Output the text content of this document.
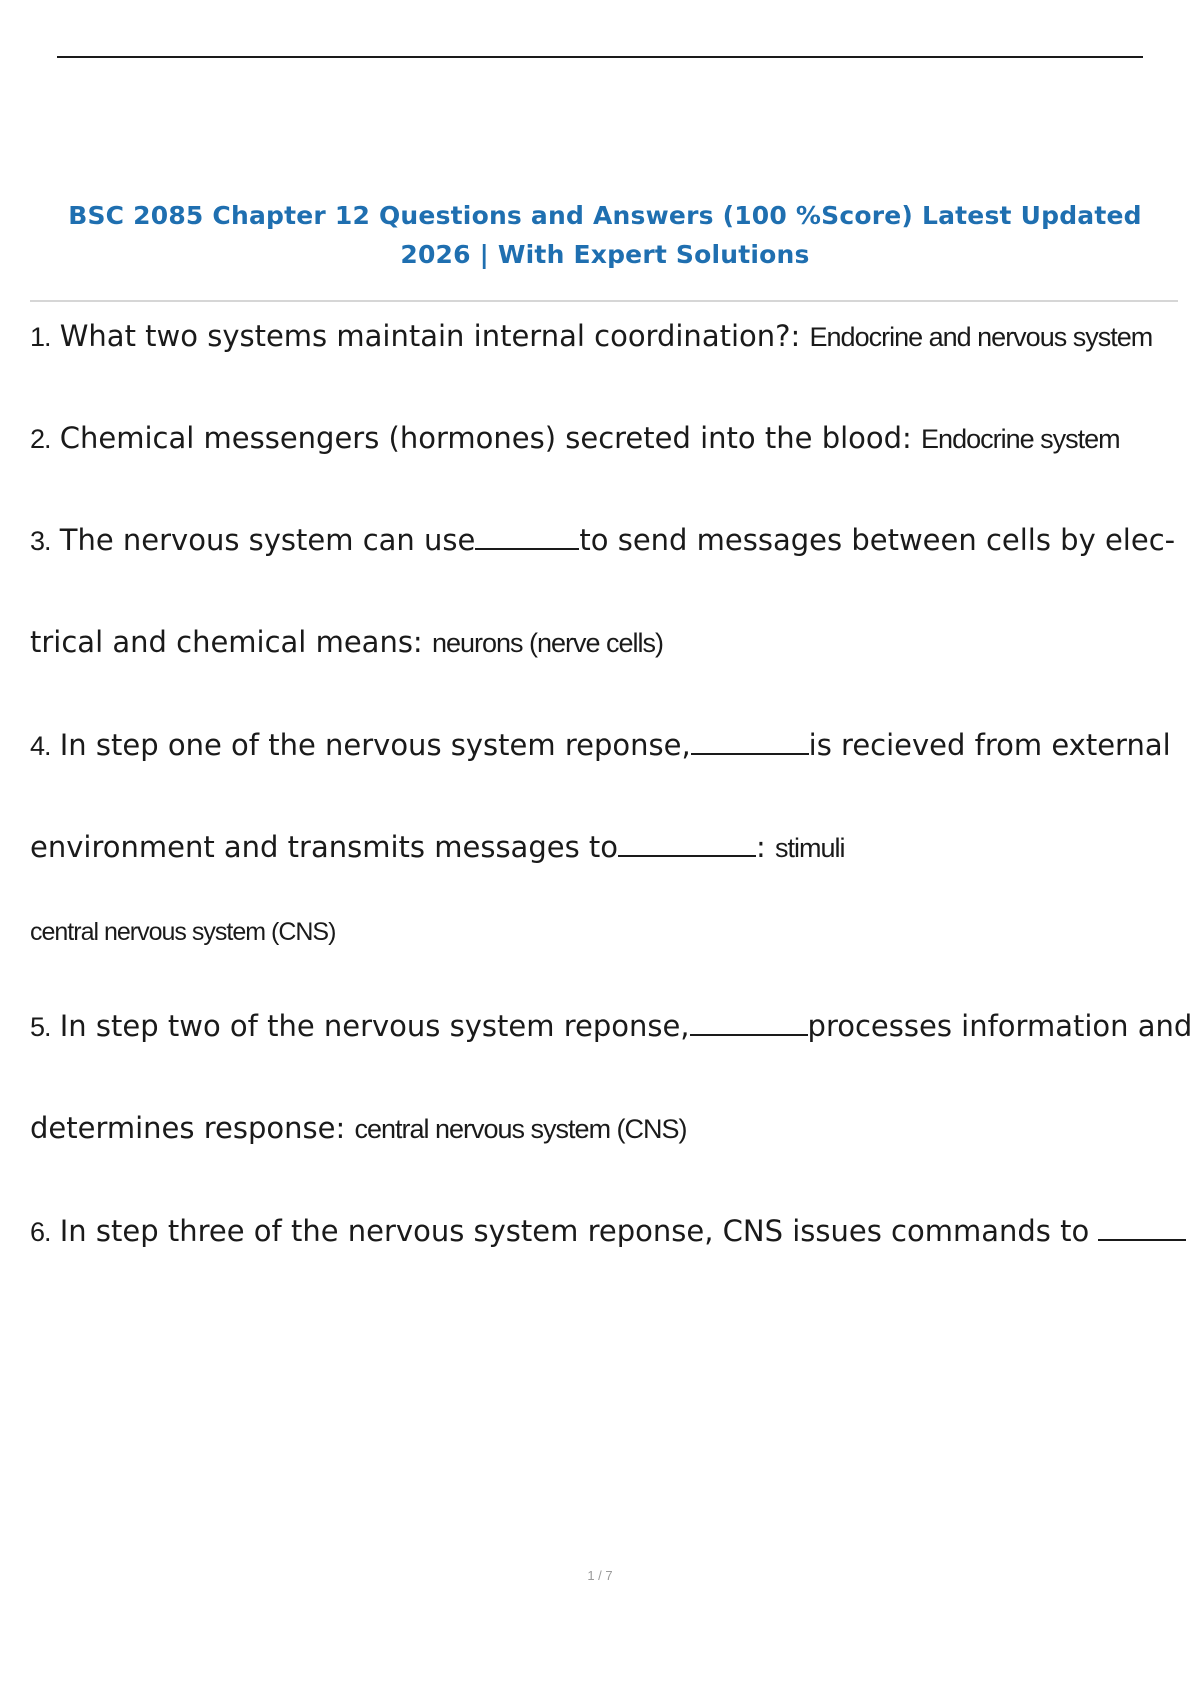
BSC 2085 Chapter 12 Questions and Answers (100 %Score) Latest Updated
2026 | With Expert Solutions
1. What two systems maintain internal coordination?: Endocrine and nervous system
2. Chemical messengers (hormones) secreted into the blood: Endocrine system
3. The nervous system can use	to send messages between cells by elec-
trical and chemical means: neurons (nerve cells)
4. In step one of the nervous system reponse,	is recieved from external
environment and transmits messages to	: stimuli
central nervous system (CNS)
5. In step two of the nervous system reponse,	processes information and
determines response: central nervous system (CNS)
6. In step three of the nervous system reponse, CNS issues commands to
1 / 7
